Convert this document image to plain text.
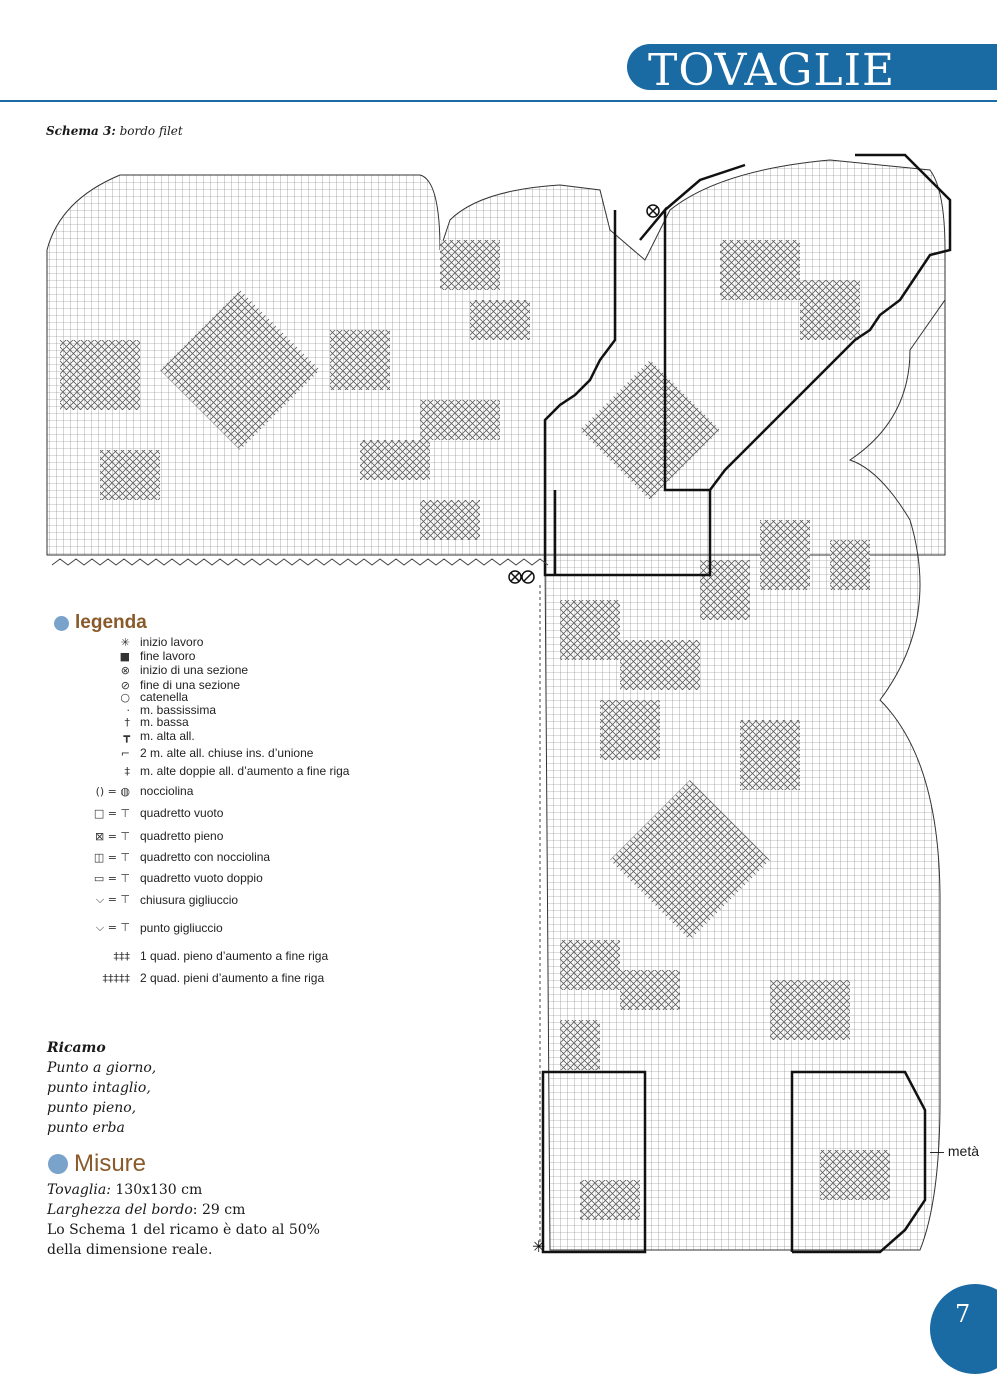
TOVAGLIE
Schema 3: bordo filet
✳
legenda
✳ inizio lavoro
■ fine lavoro
⊗ inizio di una sezione
⊘ fine di una sezione
○ catenella
· m. bassissima
† m. bassa
┳ m. alta all.
⌐ 2 m. alte all. chiuse ins. d’unione
‡ m. alte doppie all. d’aumento a fine riga
() = ◍ nocciolina
□ = ⊤ quadretto vuoto
⊠ = ⊤ quadretto pieno
◫ = ⊤ quadretto con nocciolina
▭ = ⊤ quadretto vuoto doppio
⌵ = ⊤ chiusura gigliuccio
⌵ = ⊤ punto gigliuccio
‡‡‡ 1 quad. pieno d’aumento a fine riga
‡‡‡‡‡ 2 quad. pieni d’aumento a fine riga
Ricamo
Punto a giorno,
punto intaglio,
punto pieno,
punto erba
Misure
Tovaglia: 130x130 cm
Larghezza del bordo: 29 cm
Lo Schema 1 del ricamo è dato al 50%
della dimensione reale.
— metà
7
